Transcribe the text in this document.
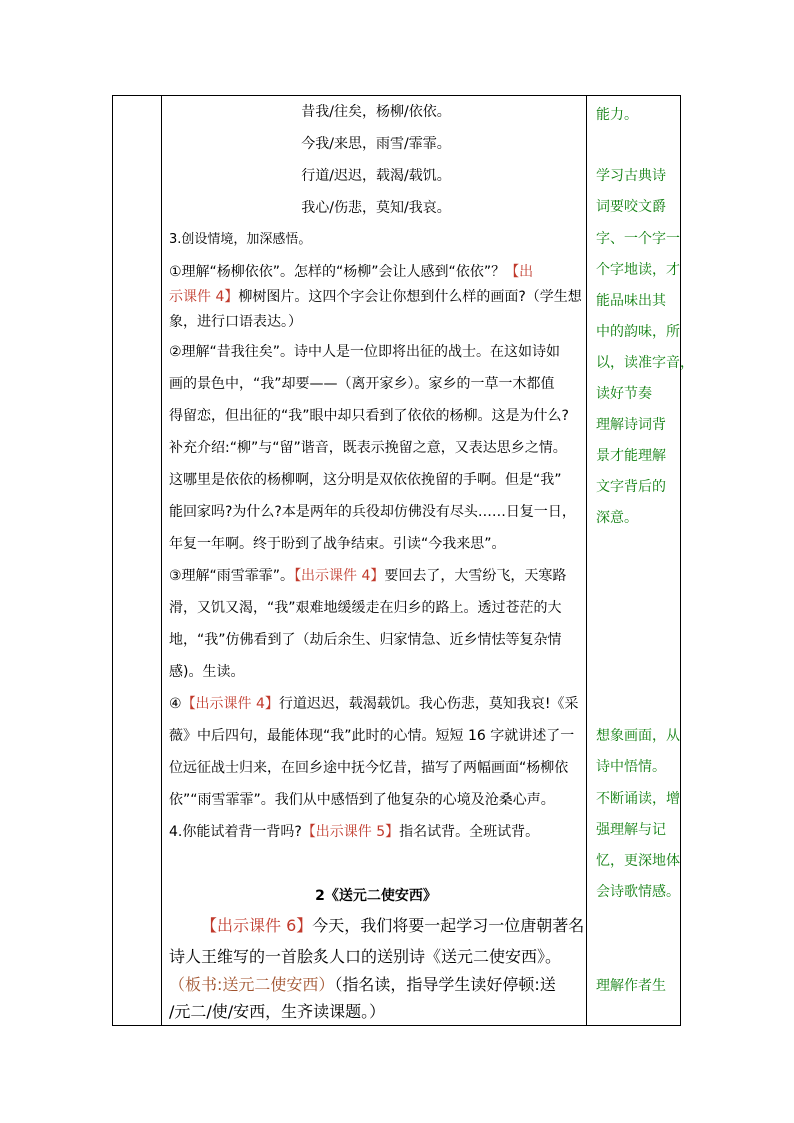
昔我/往矣，杨柳/依依。
今我/来思，雨雪/霏霏。
行道/迟迟，载渴/载饥。
我心/伤悲，莫知/我哀。
3.创设情境，加深感悟。
①理解“杨柳依依”。怎样的“杨柳”会让人感到“依依”？【出
示课件 4】柳树图片。这四个字会让你想到什么样的画面?（学生想
象，进行口语表达。）
②理解“昔我往矣”。诗中人是一位即将出征的战士。在这如诗如
画的景色中，“我”却要——（离开家乡）。家乡的一草一木都值
得留恋，但出征的“我”眼中却只看到了依依的杨柳。这是为什么?
补充介绍:“柳”与“留”谐音，既表示挽留之意，又表达思乡之情。
这哪里是依依的杨柳啊，这分明是双依依挽留的手啊。但是“我”
能回家吗?为什么?本是两年的兵役却仿佛没有尽头……日复一日，
年复一年啊。终于盼到了战争结束。引读“今我来思”。
③理解“雨雪霏霏”。【出示课件 4】要回去了，大雪纷飞，天寒路
滑，又饥又渴，“我”艰难地缓缓走在归乡的路上。透过苍茫的大
地，“我”仿佛看到了（劫后余生、归家情急、近乡情怯等复杂情
感)。生读。
④【出示课件 4】行道迟迟，载渴载饥。我心伤悲，莫知我哀!《采
薇》中后四句，最能体现“我”此时的心情。短短 16 字就讲述了一
位远征战士归来，在回乡途中抚今忆昔，描写了两幅画面“杨柳依
依”“雨雪霏霏”。我们从中感悟到了他复杂的心境及沧桑心声。
4.你能试着背一背吗?【出示课件 5】指名试背。全班试背。
2《送元二使安西》
【出示课件 6】今天，我们将要一起学习一位唐朝著名
诗人王维写的一首脍炙人口的送别诗《送元二使安西》。
（板书:送元二使安西）（指名读，指导学生读好停顿:送
/元二/使/安西，生齐读课题。）
能力。
学习古典诗
词要咬文爵
字、一个字一
个字地读，才
能品味出其
中的韵味，所
以，读准字音，
读好节奏
理解诗词背
景才能理解
文字背后的
深意。
想象画面，从
诗中悟情。
不断诵读，增
强理解与记
忆，更深地体
会诗歌情感。
理解作者生
